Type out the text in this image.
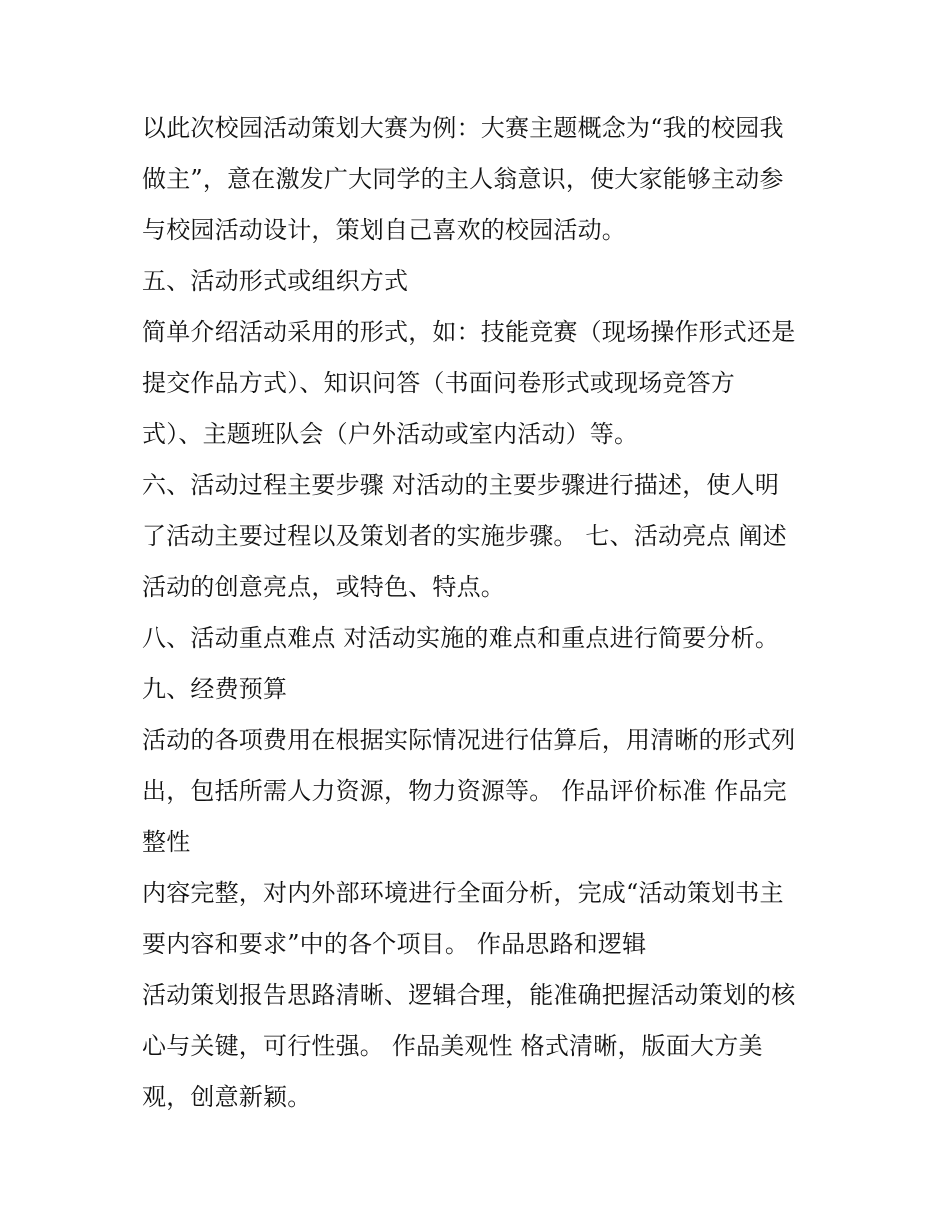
以此次校园活动策划大赛为例：大赛主题概念为“我的校园我
做主”，意在激发广大同学的主人翁意识，使大家能够主动参
与校园活动设计，策划自己喜欢的校园活动。
五、活动形式或组织方式
简单介绍活动采用的形式，如：技能竞赛（现场操作形式还是
提交作品方式）、知识问答（书面问卷形式或现场竞答方
式）、主题班队会（户外活动或室内活动）等。
六、活动过程主要步骤 对活动的主要步骤进行描述，使人明
了活动主要过程以及策划者的实施步骤。 七、活动亮点 阐述
活动的创意亮点，或特色、特点。
八、活动重点难点 对活动实施的难点和重点进行简要分析。
九、经费预算
活动的各项费用在根据实际情况进行估算后，用清晰的形式列
出，包括所需人力资源，物力资源等。 作品评价标准 作品完
整性
内容完整，对内外部环境进行全面分析，完成“活动策划书主
要内容和要求”中的各个项目。 作品思路和逻辑
活动策划报告思路清晰、逻辑合理，能准确把握活动策划的核
心与关键，可行性强。 作品美观性 格式清晰，版面大方美
观，创意新颖。
